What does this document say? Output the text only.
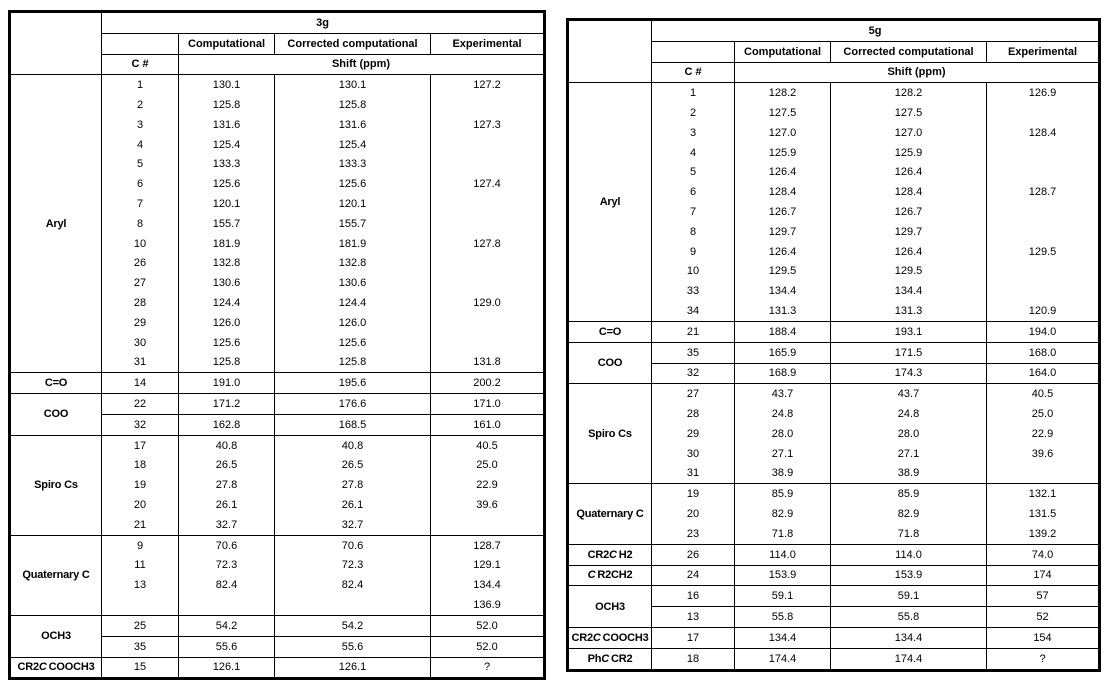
	3g			
		Computational	Corrected computational	Experimental
	C #	Shift (ppm)		
Aryl	1	130.1	130.1	127.2
	2	125.8	125.8	
	3	131.6	131.6	127.3
	4	125.4	125.4	
	5	133.3	133.3	
	6	125.6	125.6	127.4
	7	120.1	120.1	
	8	155.7	155.7	
	10	181.9	181.9	127.8
	26	132.8	132.8	
	27	130.6	130.6	
	28	124.4	124.4	129.0
	29	126.0	126.0	
	30	125.6	125.6	
	31	125.8	125.8	131.8
C=O	14	191.0	195.6	200.2
COO	22	171.2	176.6	171.0
	32	162.8	168.5	161.0
Spiro Cs	17	40.8	40.8	40.5
	18	26.5	26.5	25.0
	19	27.8	27.8	22.9
	20	26.1	26.1	39.6
	21	32.7	32.7	
Quaternary C	9	70.6	70.6	128.7
	11	72.3	72.3	129.1
	13	82.4	82.4	134.4
				136.9
OCH3	25	54.2	54.2	52.0
	35	55.6	55.6	52.0
CR2C COOCH3	15	126.1	126.1	?
	5g			
		Computational	Corrected computational	Experimental
	C #	Shift (ppm)		
Aryl	1	128.2	128.2	126.9
	2	127.5	127.5	
	3	127.0	127.0	128.4
	4	125.9	125.9	
	5	126.4	126.4	
	6	128.4	128.4	128.7
	7	126.7	126.7	
	8	129.7	129.7	
	9	126.4	126.4	129.5
	10	129.5	129.5	
	33	134.4	134.4	
	34	131.3	131.3	120.9
C=O	21	188.4	193.1	194.0
COO	35	165.9	171.5	168.0
	32	168.9	174.3	164.0
Spiro Cs	27	43.7	43.7	40.5
	28	24.8	24.8	25.0
	29	28.0	28.0	22.9
	30	27.1	27.1	39.6
	31	38.9	38.9	
Quaternary C	19	85.9	85.9	132.1
	20	82.9	82.9	131.5
	23	71.8	71.8	139.2
CR2C H2	26	114.0	114.0	74.0
C R2CH2	24	153.9	153.9	174
OCH3	16	59.1	59.1	57
	13	55.8	55.8	52
CR2C COOCH3	17	134.4	134.4	154
PhC CR2	18	174.4	174.4	?
